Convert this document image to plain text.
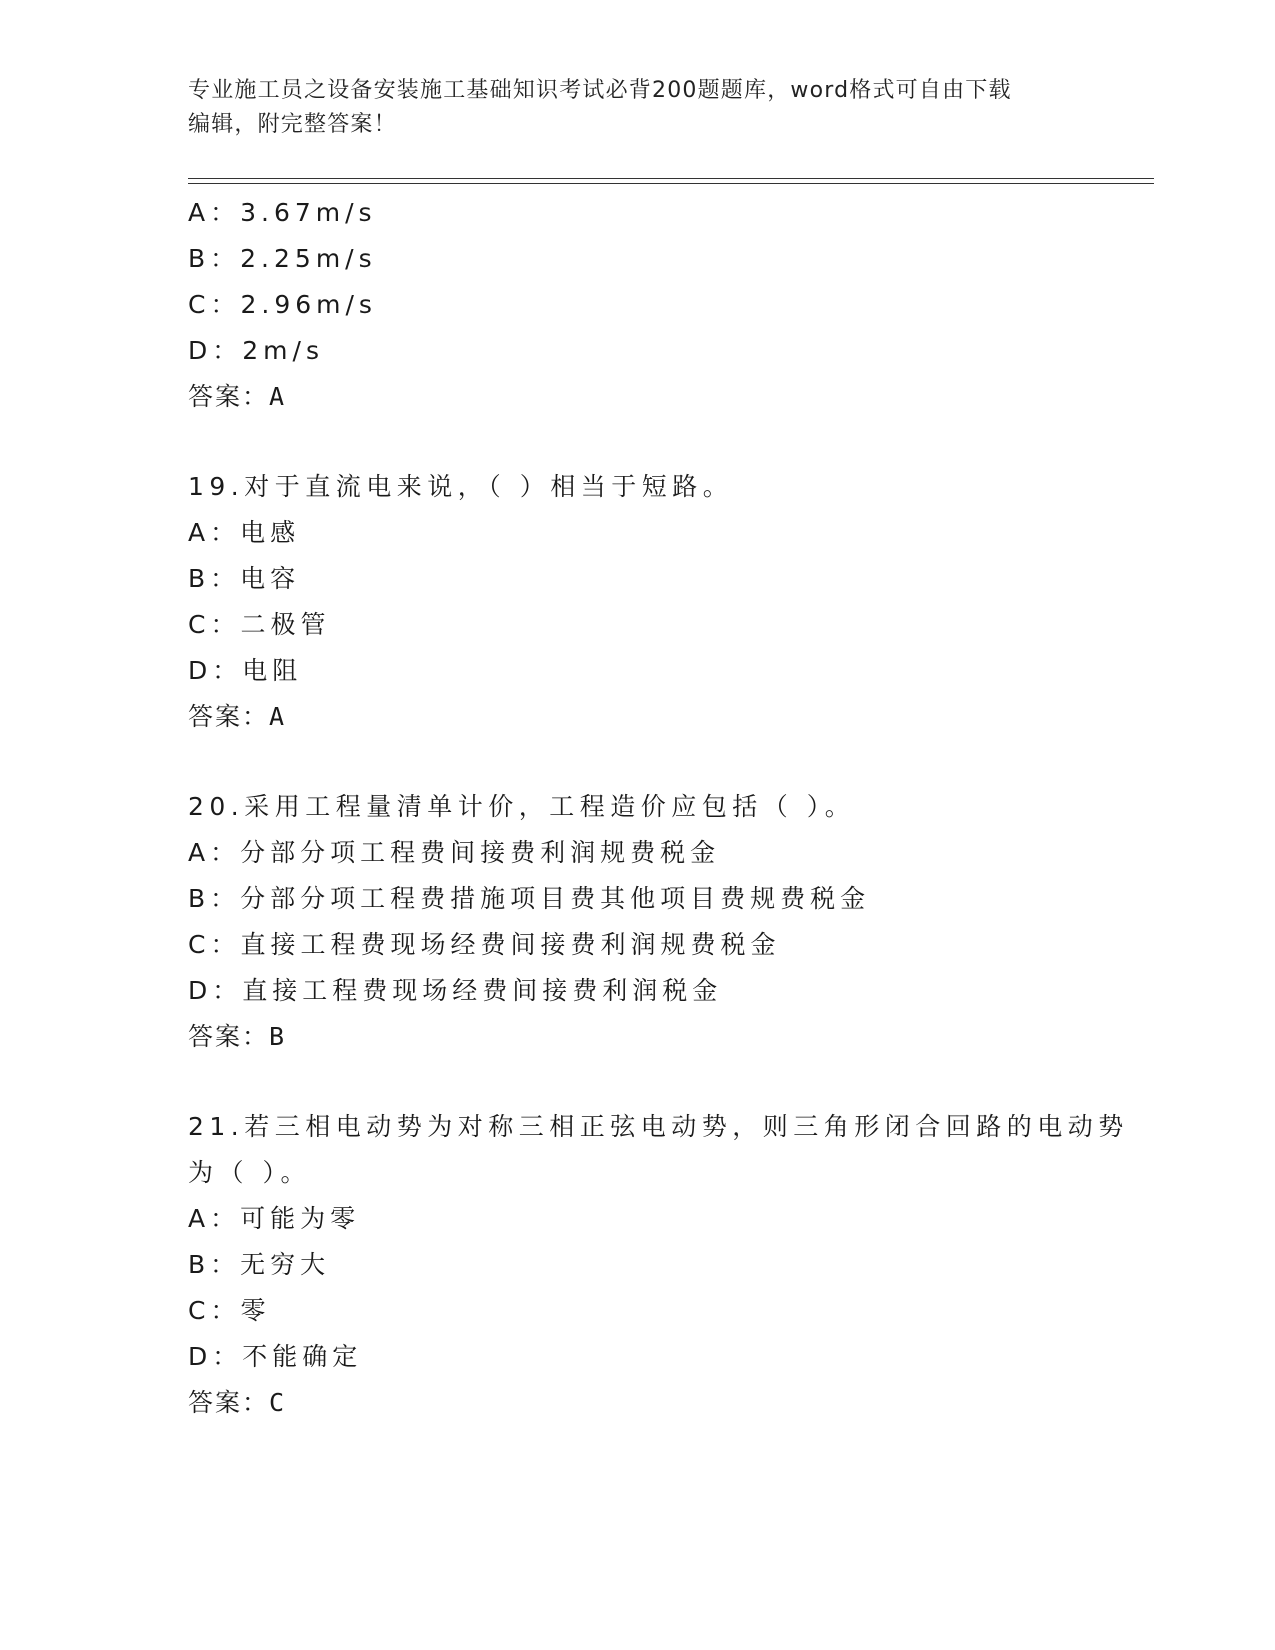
专业施工员之设备安装施工基础知识考试必背200题题库，word格式可自由下载
编辑，附完整答案！
A：3.67m/s
B：2.25m/s
C：2.96m/s
D：2m/s
答案：A
19.对于直流电来说，（ ）相当于短路。
A：电感
B：电容
C：二极管
D：电阻
答案：A
20.采用工程量清单计价，工程造价应包括（ ）。
A：分部分项工程费间接费利润规费税金
B：分部分项工程费措施项目费其他项目费规费税金
C：直接工程费现场经费间接费利润规费税金
D：直接工程费现场经费间接费利润税金
答案：B
21.若三相电动势为对称三相正弦电动势，则三角形闭合回路的电动势
为（ ）。
A：可能为零
B：无穷大
C：零
D：不能确定
答案：C
